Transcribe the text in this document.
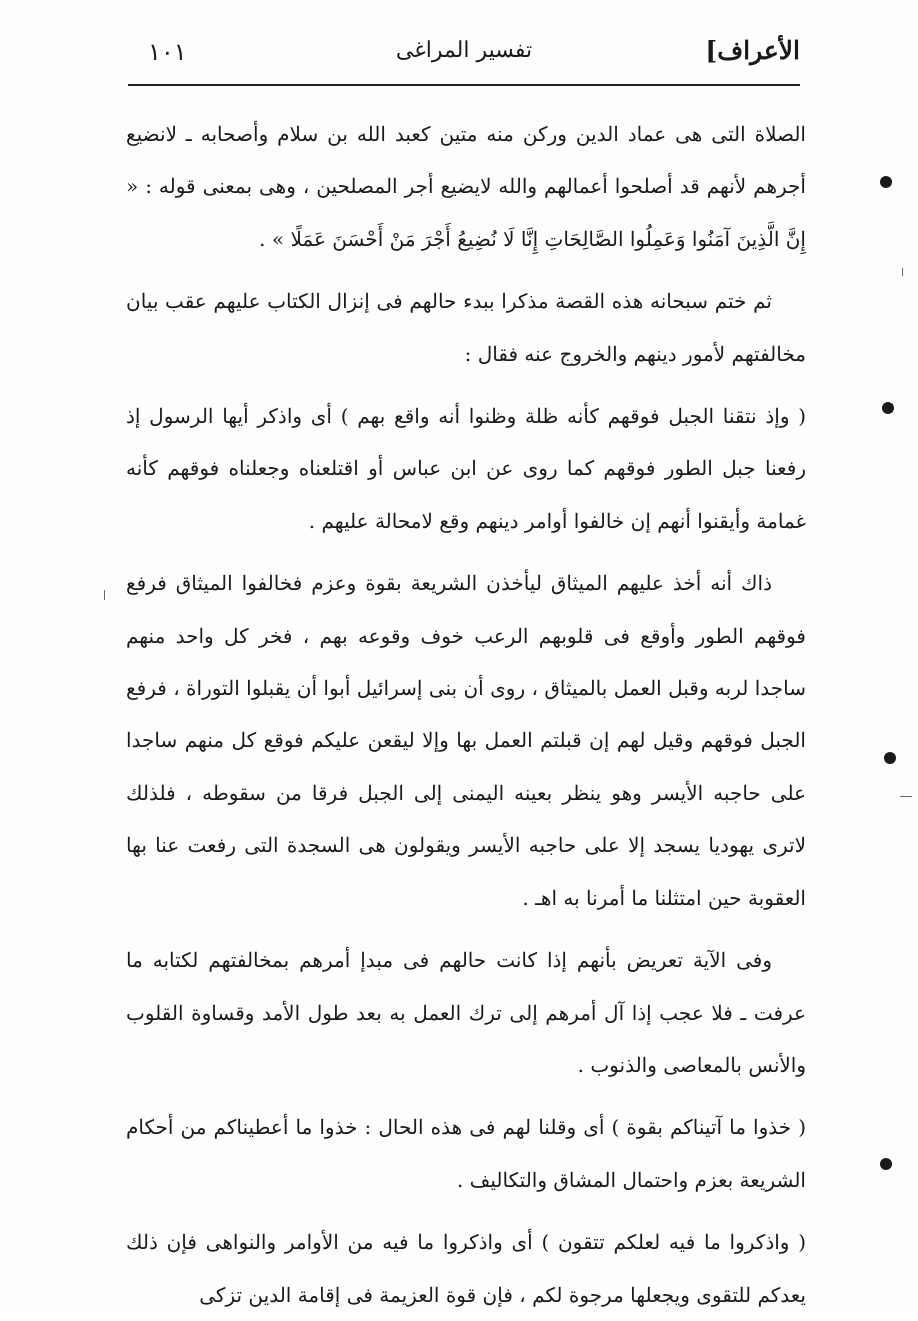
الأعراف]
تفسير المراغى
١٠١

الصلاة التى هى عماد الدين وركن منه متين كعبد الله بن سلام وأصحابه ـ لانضيع أجرهم لأنهم قد أصلحوا أعمالهم والله لايضيع أجر المصلحين ، وهى بمعنى قوله : « إِنَّ الَّذِينَ آمَنُوا وَعَمِلُوا الصَّالِحَاتِ إِنَّا لَا نُضِيعُ أَجْرَ مَنْ أَحْسَنَ عَمَلًا » .

ثم ختم سبحانه هذه القصة مذكرا ببدء حالهم فى إنزال الكتاب عليهم عقب بيان مخالفتهم لأمور دينهم والخروج عنه فقال :

( وإذ نتقنا الجبل فوقهم كأنه ظلة وظنوا أنه واقع بهم ) أى واذكر أيها الرسول إذ رفعنا جبل الطور فوقهم كما روى عن ابن عباس أو اقتلعناه وجعلناه فوقهم كأنه غمامة وأيقنوا أنهم إن خالفوا أوامر دينهم وقع لامحالة عليهم .

ذاك أنه أخذ عليهم الميثاق ليأخذن الشريعة بقوة وعزم فخالفوا الميثاق فرفع فوقهم الطور وأوقع فى قلوبهم الرعب خوف وقوعه بهم ، فخر كل واحد منهم ساجدا لربه وقبل العمل بالميثاق ، روى أن بنى إسرائيل أبوا أن يقبلوا التوراة ، فرفع الجبل فوقهم وقيل لهم إن قبلتم العمل بها وإلا ليقعن عليكم فوقع كل منهم ساجدا على حاجبه الأيسر وهو ينظر بعينه اليمنى إلى الجبل فرقا من سقوطه ، فلذلك لاترى يهوديا يسجد إلا على حاجبه الأيسر ويقولون هى السجدة التى رفعت عنا بها العقوبة حين امتثلنا ما أمرنا به اهـ .

وفى الآية تعريض بأنهم إذا كانت حالهم فى مبدإ أمرهم بمخالفتهم لكتابه ما عرفت ـ فلا عجب إذا آل أمرهم إلى ترك العمل به بعد طول الأمد وقساوة القلوب والأنس بالمعاصى والذنوب .

( خذوا ما آتيناكم بقوة ) أى وقلنا لهم فى هذه الحال : خذوا ما أعطيناكم من أحكام الشريعة بعزم واحتمال المشاق والتكاليف .

( واذكروا ما فيه لعلكم تتقون ) أى واذكروا ما فيه من الأوامر والنواهى فإن ذلك يعدكم للتقوى ويجعلها مرجوة لكم ، فإن قوة العزيمة فى إقامة الدين تزكى
